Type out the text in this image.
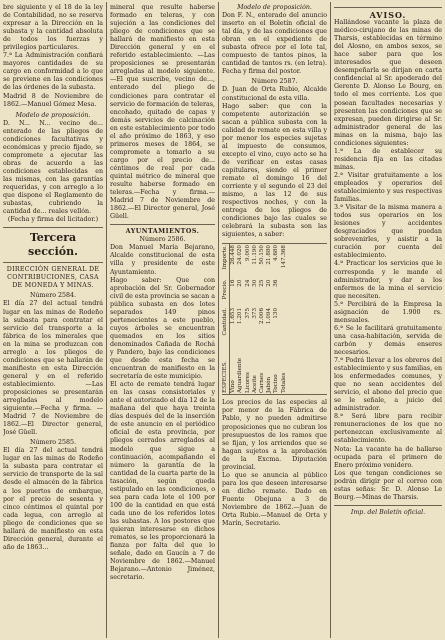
bre siguiente y el 18 de la ley de Contabilidad, no se reserva expresar a la Dirección en la subasta y la cantidad absoluta de todos los fuerzas y privilegios particulares.

7.ª La Administración confiará mayores cantidades de su cargo en conformidad a lo que se previene en las condiciones de las órdenes de la subasta.

Madrid 8 de Noviembre de 1862.—Manuel Gómez Mesa.

Modelo de proposición.

D. N... N... vecino de... enterado de las pliegos de condiciones facultativas y económicas y precio fijado, se compromete a ejecutar las obras de acuerdo a las condiciones establecidas en las mismas, con las garantías requeridas, y con arreglo a lo que dispone el Reglamento de subastas, cubriendo la cantidad de... reales vellón.

(Fecha y firma del licitador.)

Tercera sección.

DIRECCIÓN GENERAL DE CONTRIBUCIONES, CASA DE MONEDA Y MINAS.

Número 2584.

El día 27 del actual tendrá lugar en las minas de Rodeño la subasta para contratar el servicio del transporte a la fábrica de los minerales que en la mina se produzcan con arreglo a los pliegos de condiciones que se hallarán de manifiesto en esta Dirección general y en el referido establecimiento. —Las proposiciones se presentarán arregladas al modelo siguiente.—Fecha y firma. —Madrid 7 de Noviembre de 1862.—El Director general, José Güell.

Número 2585.

El día 27 del actual tendrá lugar en las minas de Rodeño la subasta para contratar el servicio de transporte de la sal desde el almacén de la fábrica a los puertos de embarque, por el precio de sesenta y cinco céntimos el quintal por cada legua, con arreglo al pliego de condiciones que se hallará de manifiesto en esta Dirección general, durante el año de 1863...

mineral que resulte haberse formado en teleras, y con sujeción a las condiciones del pliego de condiciones que se hallará de manifiesto en esta Dirección general y en el referido establecimiento. —Las proposiciones se presentarán arregladas al modelo siguiente. —El que suscribe, vecino de..., enterado del pliego de condiciones para contratar el servicio de formación de teleras, encohado, quitado de capas y demás servicios de calcinación en este establecimiento por todo el año próximo de 1863, y eso primeros meses de 1864, se compromete a tomarlo a su cargo por el precio de... céntimos de real por cada quintal métrico de mineral que resulte haberse formado en teleras.—Fecha y firma.—Madrid 7 de Noviembre de 1862.—El Director general, José Güell.

AYUNTAMIENTOS.

Número 2586.

Don Manuel María Bejarano, Alcalde constitucional de esta villa y presidente de este Ayuntamiento.

Hago saber: Que con aprobación del Sr. Gobernador civil de esta provincia se sacan a pública subasta en dos lotes separados 149 pinos pertenecientes a este pueblo, cuyos árboles se encuentran quemados en los sitios denominados Cañada de Rochá y Pandero, bajo las condiciones que desde esta fecha se encuentran de manifiesto en la secretaría de este municipio.

El acto de remate tendrá lugar en las casas consistoriales y ante el autorizado el día 12 de la mañana del que haya treinta días después del de la inserción de este anuncio en el periódico oficial de esta provincia, por pliegos cerrados arreglados al modelo que sigue a continuación, acompañando el número la garantía de la cantidad de la cuarta parte de la tasación, según queda estipulado en las condiciones, o sea para cada lote el 100 por 100 de la cantidad en que está cada uno de los referidos lotes las subastas. A los postores que quieran interesarse en dichos remates, se les proporcionará la fianza por falta del que lo señale, dado en Gaucín a 7 de Noviembre de 1862.—Manuel Bejarano.—Antonio Jiménez, secretario.

Modelo de proposición.

Don F. N., enterado del anuncio inserto en el Boletín oficial de tal día, y de las condiciones que obran en el expediente de subasta ofrece por el lote tal, compuesto de tantos pinos, la cantidad de tantos rs. (en letra). Fecha y firma del postor.

Número 2587.

D. Juan de Orta Rubio, Alcalde constitucional de esta villa.

Hago saber: que con la competente autorización se sacan a pública subasta con la calidad de remate en esta villa y por menor los especies sujetas al impuesto de consumos, excepto el vino, cuyo acto se ha de verificar en estas casas capitulares, siendo el primer remate el domingo 16 del corriente y el segundo el 23 del mismo, a las 12 de sus respectivos noches, y con la entrega de los pliegos de condiciones bajo las cuales se celebrará la subasta son las siguientes, a saber:

ESPECIES.	Cantidad.	Precio.	Importe.
Vino	1.653	16	26.448
Aguardiente	1.201	20	24.020
Licores	375	24	9.000
Aceite	373	30	11.190
Carnes	2.006	25	50.150
Jabón	1.094	20	21.880
Tocino	130	36	4.680
Totales			147.368

Los precios de las especies al por menor de la Fábrica de Pablo, y no pueden admitirse proposiciones que no cubran los presupuestos de los ramos que se fijan, y los arriendos que se hagan sujetos a la aprobación de la Excma. Diputación provincial.

Lo que se anuncia al público para los que deseen interesarse en dicho remate. Dado en Fuente Obejuna a 3 de Noviembre de 1862.—Juan de Orta Rubio.—Manuel de Orta y Marín, Secretario.

AVISO.

Hallándose vacante la plaza de médico-cirujano de las minas de Tharsis, establecidas en término del Alosno, en ambos sexos, se hace saber para que los interesados que deseen desempeñarla se dirijan en carta confidencial al Sr. apoderado del Gerente D. Alonso Le Bourg, en todo el mes corriente. Los que posean facultades necesarias y presenten las condiciones que se expresan, pueden dirigirse al Sr. administrador general de las minas en la misma, bajo las condiciones siguientes:

1.ª La de establecer su residencia fija en las citadas minas.

2.ª Visitar gratuitamente a los empleados y operarios del establecimiento y sus respectivas familias.

3.ª Visitar de la misma manera a todos sus operarios en los lesiones y accidentes desgraciados que puedan sobrevenirles, y asistir a la curación por cuenta del establecimiento.

4.ª Practicar los servicios que le corresponda y le mande el administrador, y dar a los enfermos de la mina el servicio que necesiten.

5.ª Percibirá de la Empresa la asignación de 1.900 rs. mensuales.

6.ª Se le facilitará gratuitamente una casa-habitación, servida de carbón y demás enseres necesarios.

7.ª Podrá llevar a los obreros del establecimiento y sus familias, en los enfermedades comunes, y que no sean accidentes del servicio, el abono del precio que se le señale, a juicio del administrador.

8.ª Será libre para recibir remuneraciones de los que no pertenezcan exclusivamente al establecimiento.

Nota: La vacante ha de hallarse ocupada para el primero de Enero próximo venidero.

Los que tengan condiciones se podrán dirigir por el correo con estas señas: Sr. D. Alonso Le Bourg.—Minas de Tharsis.

Imp. del Boletín oficial.
